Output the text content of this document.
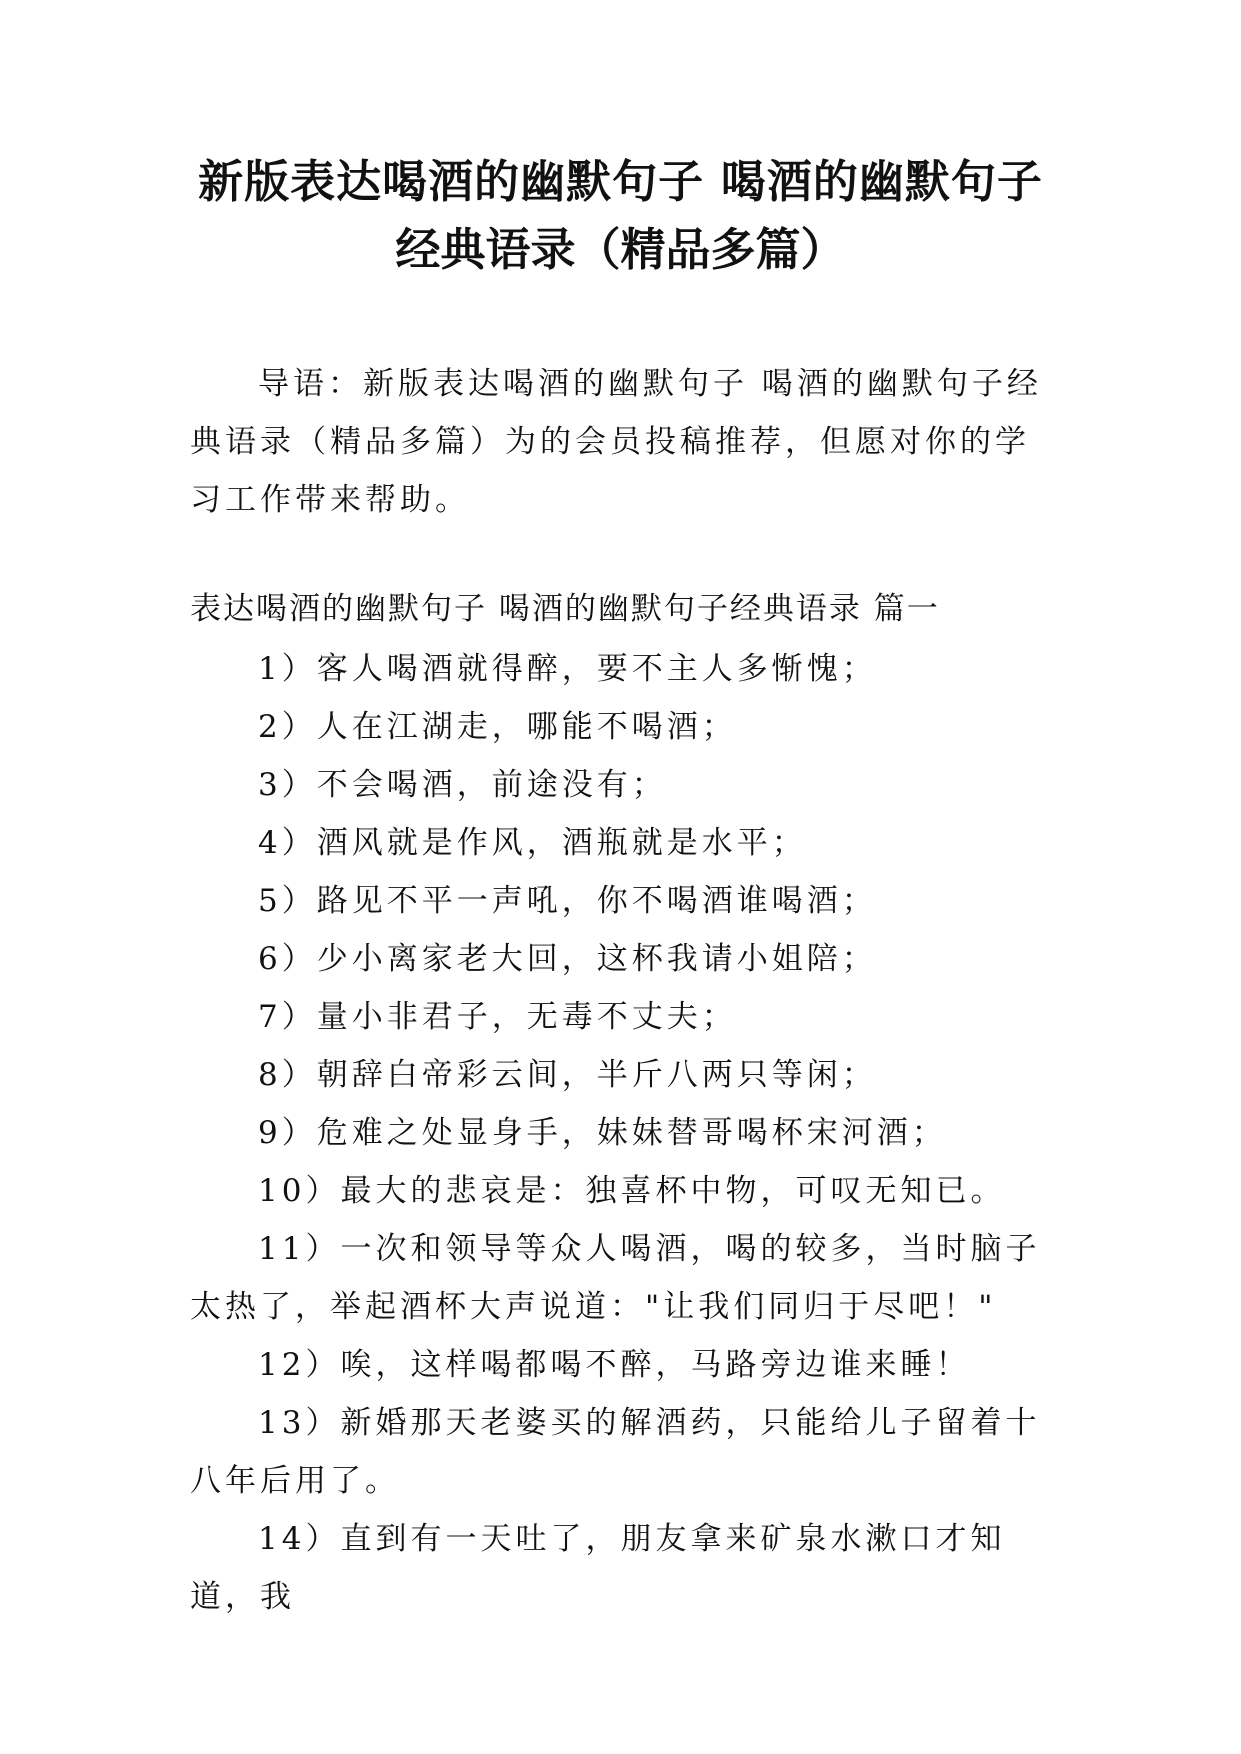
新版表达喝酒的幽默句子 喝酒的幽默句子
经典语录（精品多篇）

导语：新版表达喝酒的幽默句子 喝酒的幽默句子经典语录（精品多篇）为的会员投稿推荐，但愿对你的学习工作带来帮助。

表达喝酒的幽默句子 喝酒的幽默句子经典语录 篇一

1）客人喝酒就得醉，要不主人多惭愧；
2）人在江湖走，哪能不喝酒；
3）不会喝酒，前途没有；
4）酒风就是作风，酒瓶就是水平；
5）路见不平一声吼，你不喝酒谁喝酒；
6）少小离家老大回，这杯我请小姐陪；
7）量小非君子，无毒不丈夫；
8）朝辞白帝彩云间，半斤八两只等闲；
9）危难之处显身手，妹妹替哥喝杯宋河酒；
10）最大的悲哀是：独喜杯中物，可叹无知已。
11）一次和领导等众人喝酒，喝的较多，当时脑子太热了，举起酒杯大声说道："让我们同归于尽吧！"
12）唉，这样喝都喝不醉，马路旁边谁来睡！
13）新婚那天老婆买的解酒药，只能给儿子留着十八年后用了。
14）直到有一天吐了，朋友拿来矿泉水漱口才知道，我
